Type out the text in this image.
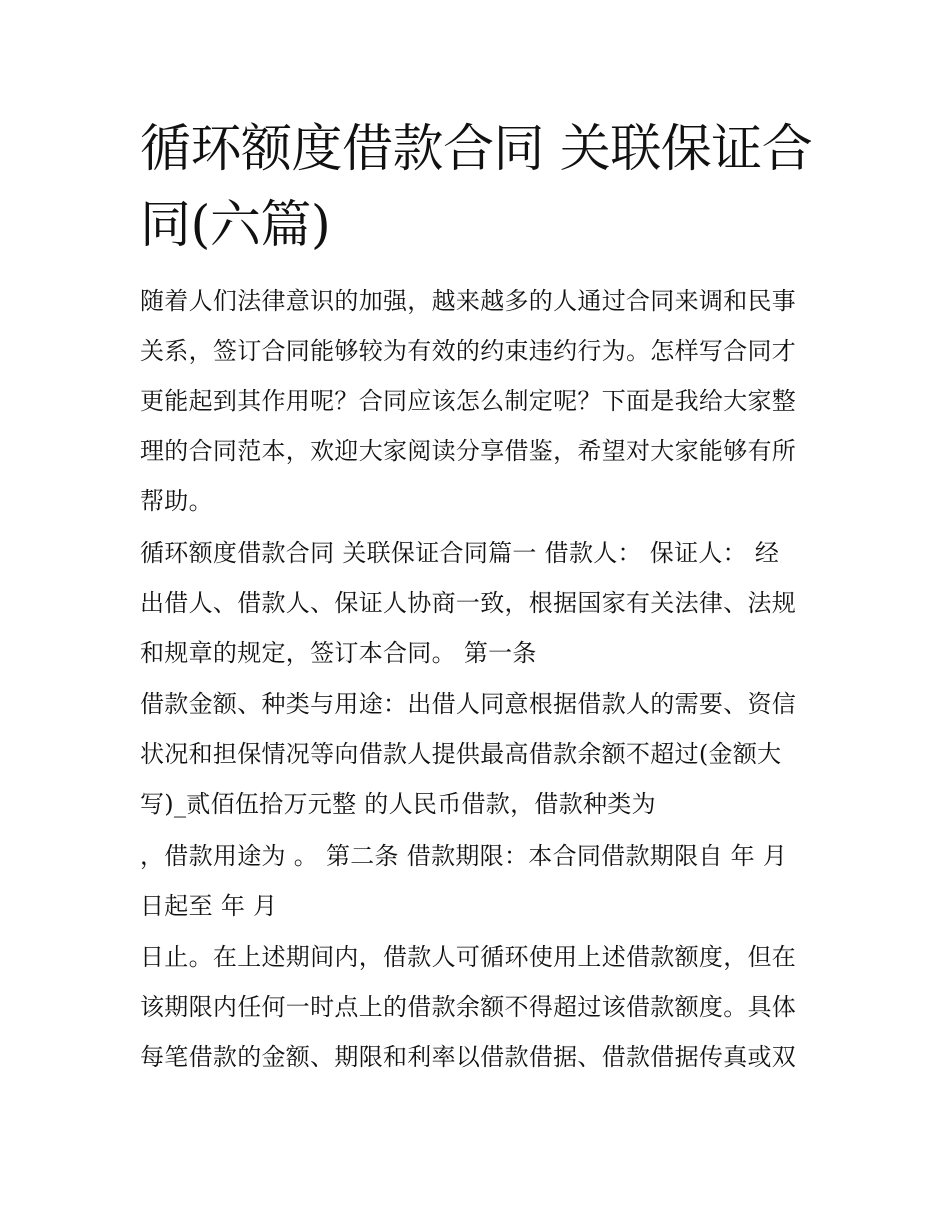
循环额度借款合同 关联保证合
同(六篇)
随着人们法律意识的加强，越来越多的人通过合同来调和民事
关系，签订合同能够较为有效的约束违约行为。怎样写合同才
更能起到其作用呢？合同应该怎么制定呢？下面是我给大家整
理的合同范本，欢迎大家阅读分享借鉴，希望对大家能够有所
帮助。
循环额度借款合同 关联保证合同篇一 借款人： 保证人： 经
出借人、借款人、保证人协商一致，根据国家有关法律、法规
和规章的规定，签订本合同。 第一条
借款金额、种类与用途：出借人同意根据借款人的需要、资信
状况和担保情况等向借款人提供最高借款余额不超过(金额大
写)_贰佰伍拾万元整 的人民币借款，借款种类为
，借款用途为 。 第二条 借款期限：本合同借款期限自 年 月
日起至 年 月
日止。在上述期间内，借款人可循环使用上述借款额度，但在
该期限内任何一时点上的借款余额不得超过该借款额度。具体
每笔借款的金额、期限和利率以借款借据、借款借据传真或双
